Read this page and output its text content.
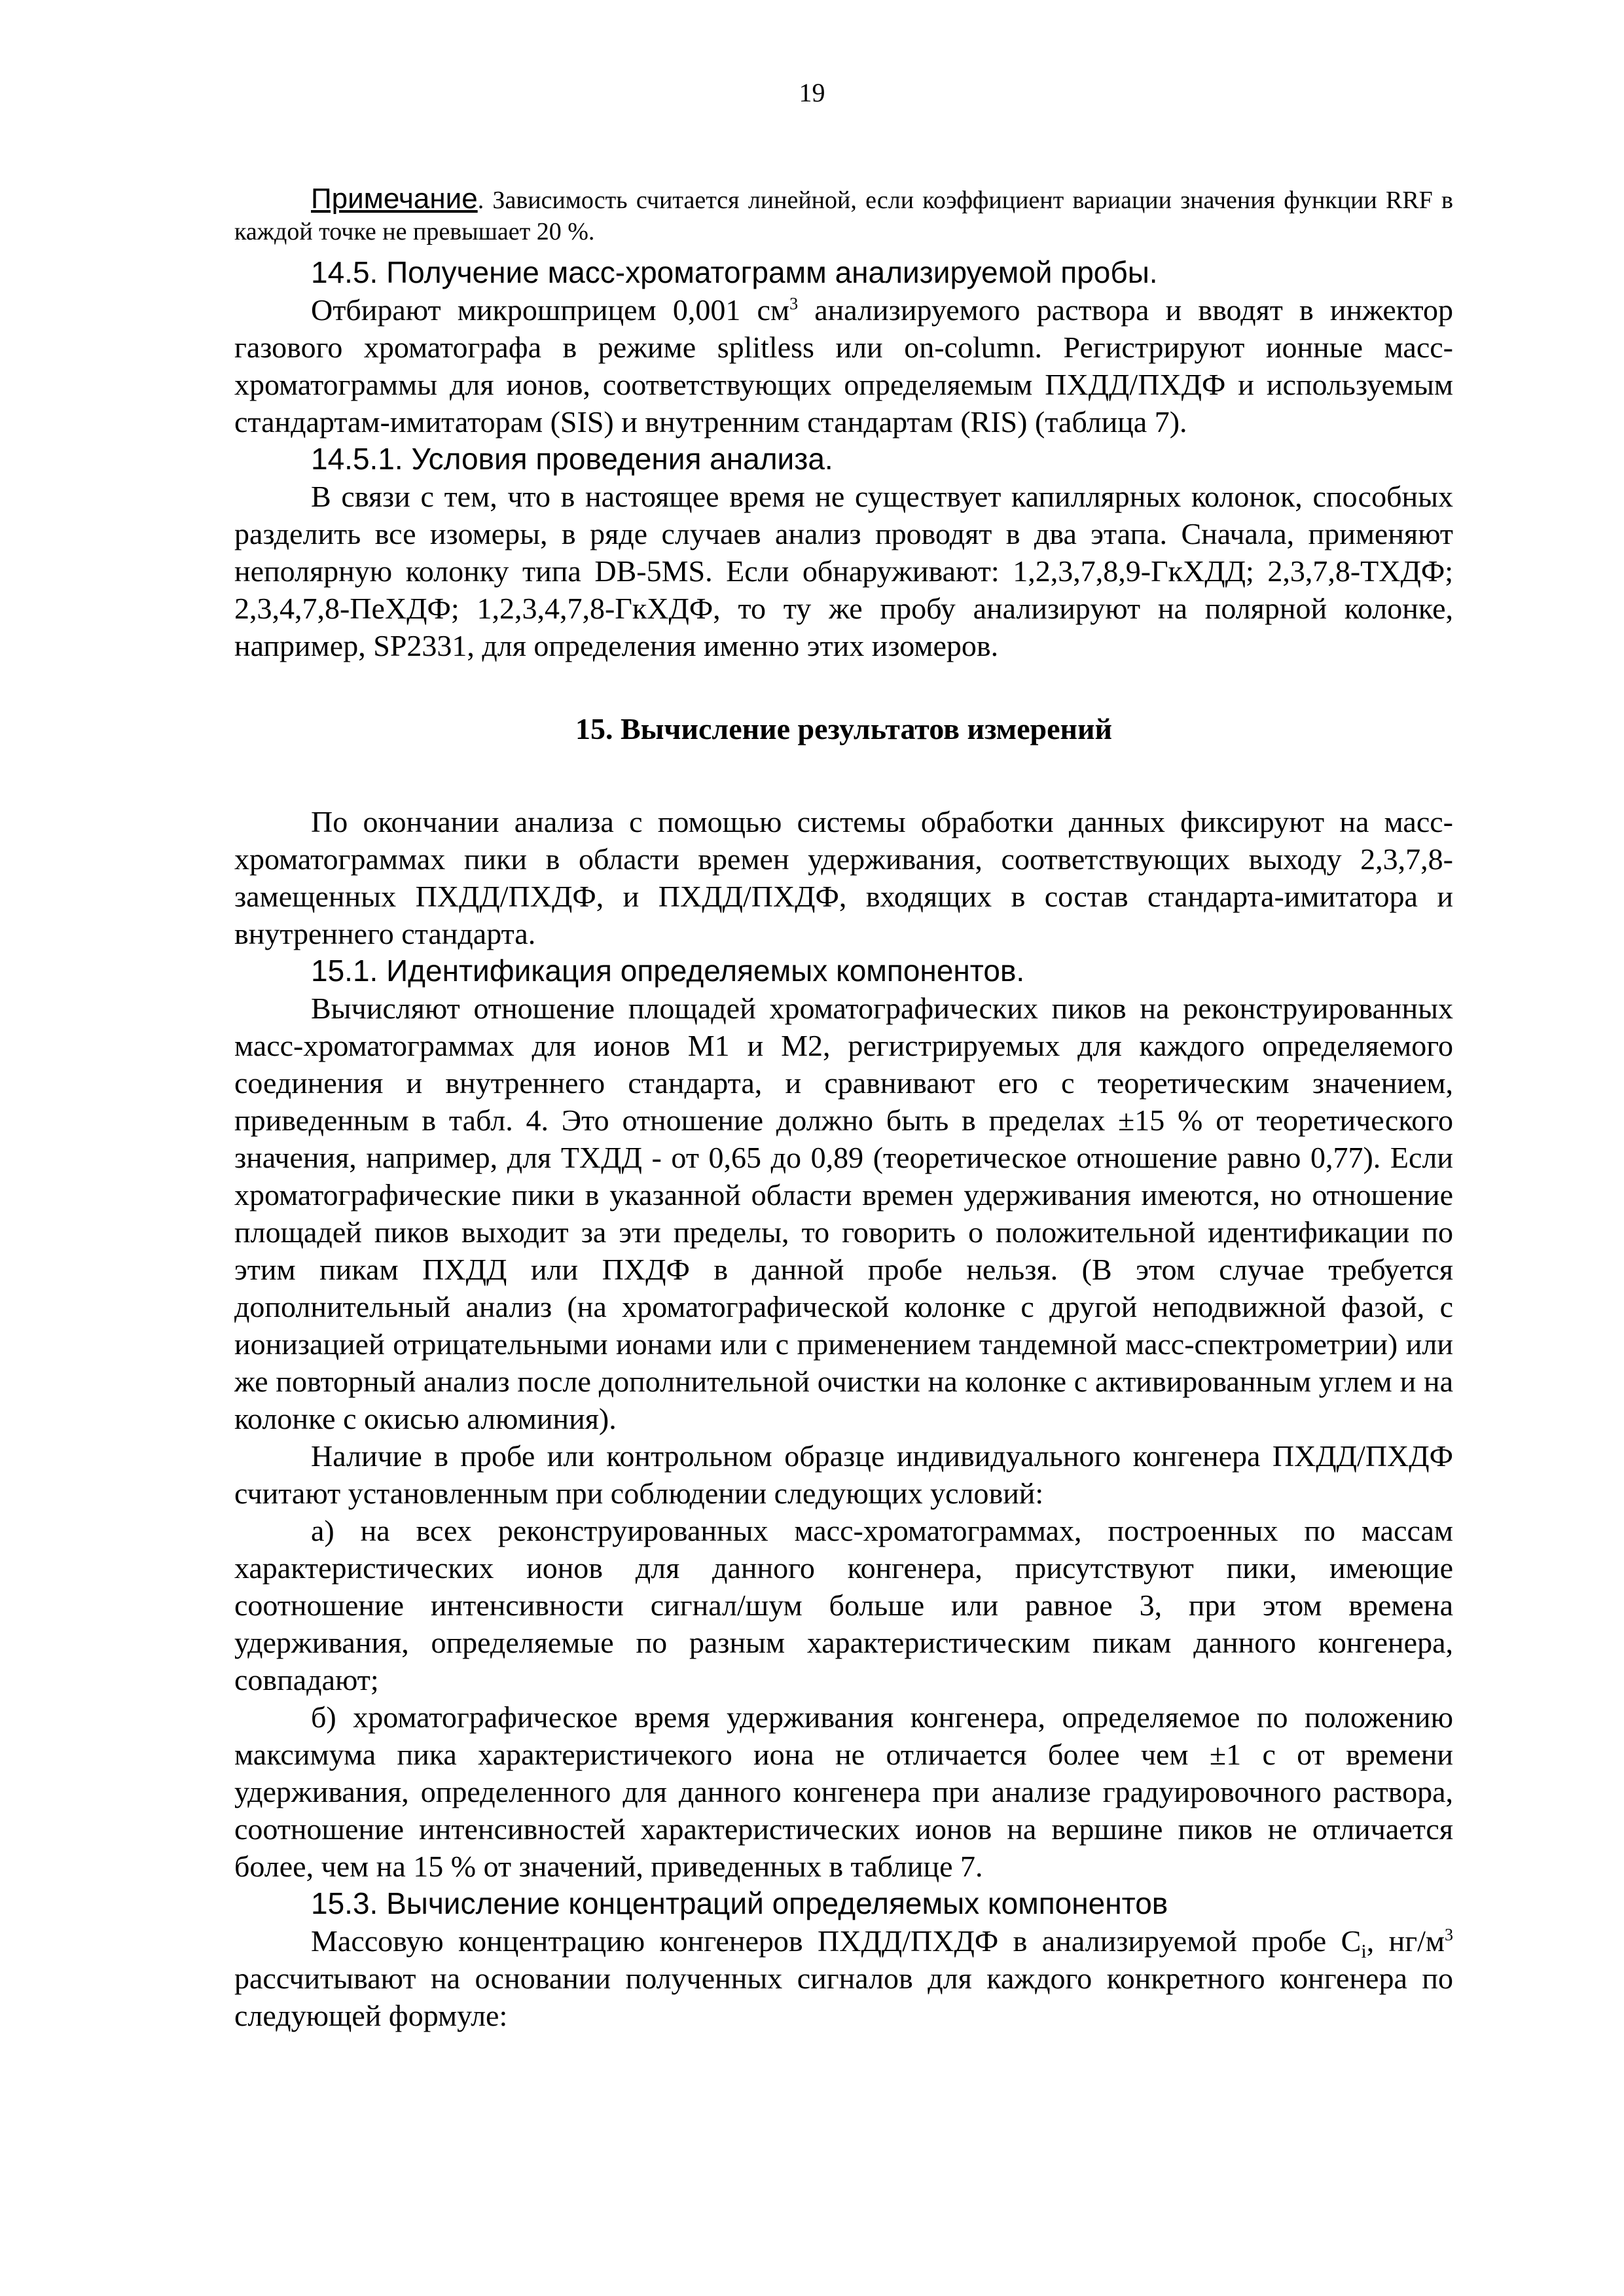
19

Примечание. Зависимость считается линейной, если коэффициент вариации значения функции RRF в каждой точке не превышает 20 %.

14.5. Получение масс-хроматограмм анализируемой пробы.

Отбирают микрошприцем 0,001 $см^3$ анализируемого раствора и вводят в инжектор газового хроматографа в режиме splitless или on-column. Регистрируют ионные масс-хроматограммы для ионов, соответствующих определяемым ПХДД/ПХДФ и используемым стандартам-имитаторам (SIS) и внутренним стандартам (RIS) (таблица 7).

14.5.1. Условия проведения анализа.

В связи с тем, что в настоящее время не существует капиллярных колонок, способных разделить все изомеры, в ряде случаев анализ проводят в два этапа. Сначала, применяют неполярную колонку типа DB-5MS. Если обнаруживают: 1,2,3,7,8,9-ГкХДД; 2,3,7,8-ТХДФ; 2,3,4,7,8-ПеХДФ; 1,2,3,4,7,8-ГкХДФ, то ту же пробу анализируют на полярной колонке, например, SP2331, для определения именно этих изомеров.

15. Вычисление результатов измерений

По окончании анализа с помощью системы обработки данных фиксируют на масс-хроматограммах пики в области времен удерживания, соответствующих выходу 2,3,7,8-замещенных ПХДД/ПХДФ, и ПХДД/ПХДФ, входящих в состав стандарта-имитатора и внутреннего стандарта.

15.1. Идентификация определяемых компонентов.

Вычисляют отношение площадей хроматографических пиков на реконструированных масс-хроматограммах для ионов M1 и M2, регистрируемых для каждого определяемого соединения и внутреннего стандарта, и сравнивают его с теоретическим значением, приведенным в табл. 4. Это отношение должно быть в пределах ±15 % от теоретического значения, например, для ТХДД - от 0,65 до 0,89 (теоретическое отношение равно 0,77). Если хроматографические пики в указанной области времен удерживания имеются, но отношение площадей пиков выходит за эти пределы, то говорить о положительной идентификации по этим пикам ПХДД или ПХДФ в данной пробе нельзя. (В этом случае требуется дополнительный анализ (на хроматографической колонке с другой неподвижной фазой, с ионизацией отрицательными ионами или с применением тандемной масс-спектрометрии) или же повторный анализ после дополнительной очистки на колонке с активированным углем и на колонке с окисью алюминия).

Наличие в пробе или контрольном образце индивидуального конгенера ПХДД/ПХДФ считают установленным при соблюдении следующих условий:

а) на всех реконструированных масс-хроматограммах, построенных по массам характеристических ионов для данного конгенера, присутствуют пики, имеющие соотношение интенсивности сигнал/шум больше или равное 3, при этом времена удерживания, определяемые по разным характеристическим пикам данного конгенера, совпадают;

б) хроматографическое время удерживания конгенера, определяемое по положению максимума пика характеристичекого иона не отличается более чем ±1 с от времени удерживания, определенного для данного конгенера при анализе градуировочного раствора, соотношение интенсивностей характеристических ионов на вершине пиков не отличается более, чем на 15 % от значений, приведенных в таблице 7.

15.3. Вычисление концентраций определяемых компонентов

Массовую концентрацию конгенеров ПХДД/ПХДФ в анализируемой пробе $C_i$, $нг/м^3$ рассчитывают на основании полученных сигналов для каждого конкретного конгенера по следующей формуле:
